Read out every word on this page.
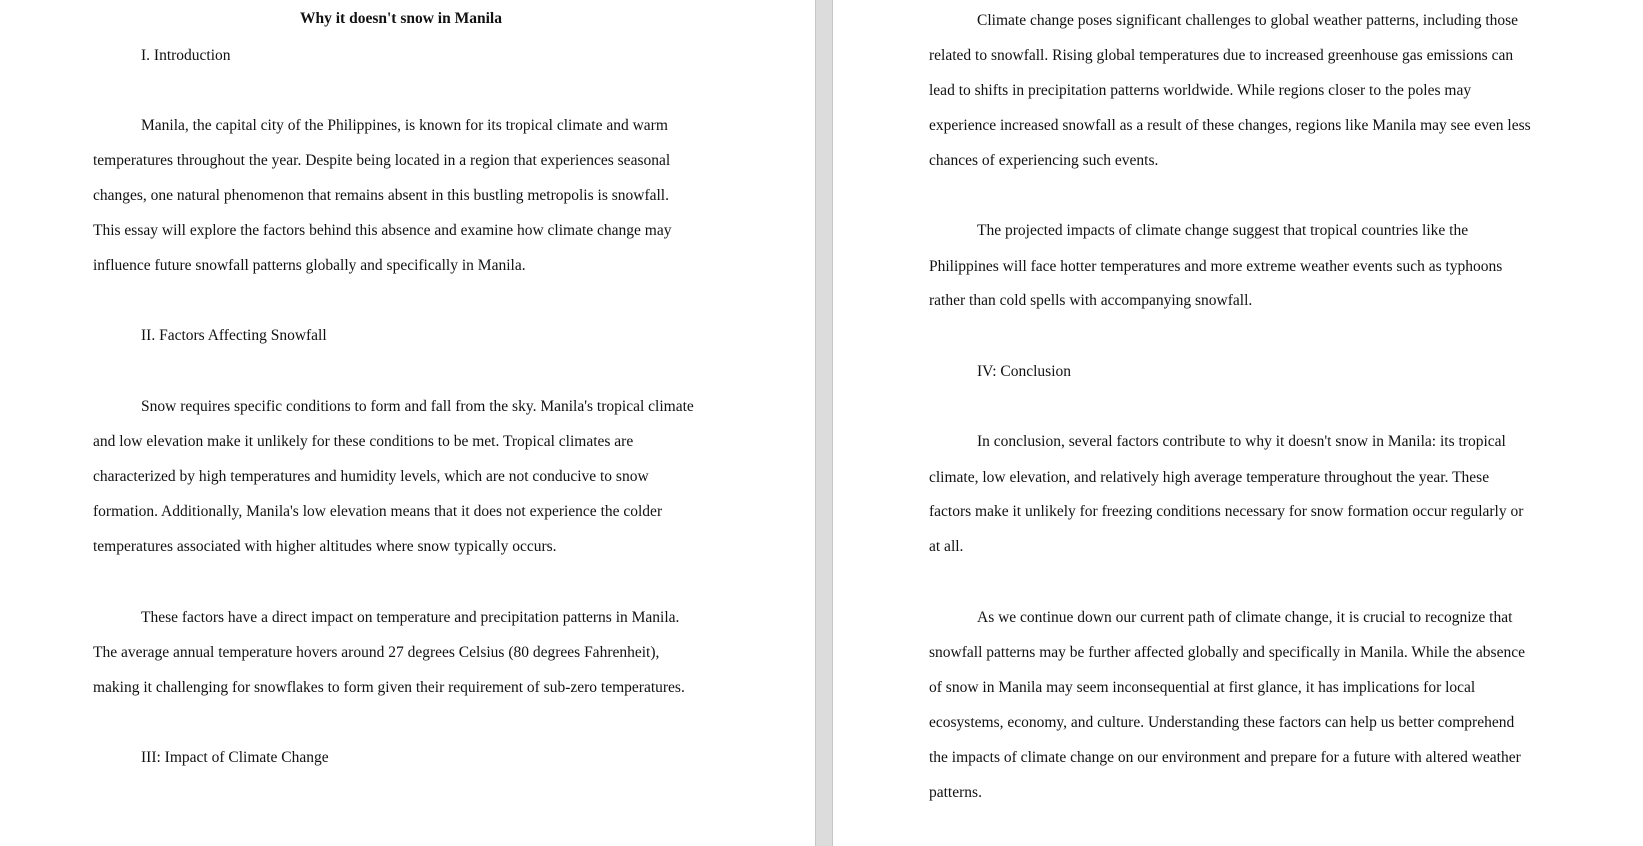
Why it doesn't snow in Manila
I. Introduction
Manila, the capital city of the Philippines, is known for its tropical climate and warm
temperatures throughout the year. Despite being located in a region that experiences seasonal
changes, one natural phenomenon that remains absent in this bustling metropolis is snowfall.
This essay will explore the factors behind this absence and examine how climate change may
influence future snowfall patterns globally and specifically in Manila.
II. Factors Affecting Snowfall
Snow requires specific conditions to form and fall from the sky. Manila's tropical climate
and low elevation make it unlikely for these conditions to be met. Tropical climates are
characterized by high temperatures and humidity levels, which are not conducive to snow
formation. Additionally, Manila's low elevation means that it does not experience the colder
temperatures associated with higher altitudes where snow typically occurs.
These factors have a direct impact on temperature and precipitation patterns in Manila.
The average annual temperature hovers around 27 degrees Celsius (80 degrees Fahrenheit),
making it challenging for snowflakes to form given their requirement of sub-zero temperatures.
III: Impact of Climate Change
Climate change poses significant challenges to global weather patterns, including those
related to snowfall. Rising global temperatures due to increased greenhouse gas emissions can
lead to shifts in precipitation patterns worldwide. While regions closer to the poles may
experience increased snowfall as a result of these changes, regions like Manila may see even less
chances of experiencing such events.
The projected impacts of climate change suggest that tropical countries like the
Philippines will face hotter temperatures and more extreme weather events such as typhoons
rather than cold spells with accompanying snowfall.
IV: Conclusion
In conclusion, several factors contribute to why it doesn't snow in Manila: its tropical
climate, low elevation, and relatively high average temperature throughout the year. These
factors make it unlikely for freezing conditions necessary for snow formation occur regularly or
at all.
As we continue down our current path of climate change, it is crucial to recognize that
snowfall patterns may be further affected globally and specifically in Manila. While the absence
of snow in Manila may seem inconsequential at first glance, it has implications for local
ecosystems, economy, and culture. Understanding these factors can help us better comprehend
the impacts of climate change on our environment and prepare for a future with altered weather
patterns.
